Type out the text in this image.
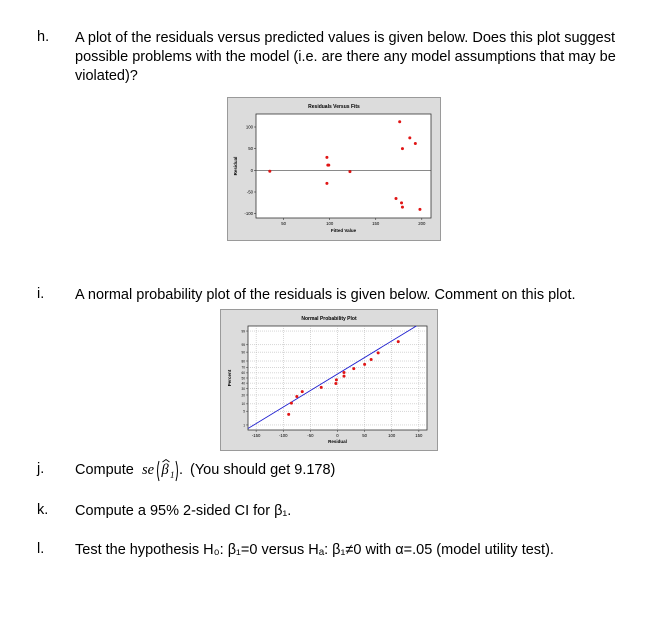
h. A plot of the residuals versus predicted values is given below. Does this plot suggest
possible problems with the model (i.e. are there any model assumptions that may be
violated)?
Residuals Versus Fits
Fitted Value
Residual
100
50
0
-50
-100
50	100	150	200
i. A normal probability plot of the residuals is given below. Comment on this plot.
99
95
90
80
70
60
50
40
30
20
10
5
1
-150	-100	-50	0	50	100	150
Normal Probability Plot
Residual
Percent
j. Compute se β 1 . (You should get 9.178)
k. Compute a 95% 2-sided CI for β₁.
l. Test the hypothesis H₀: β₁=0 versus Hₐ: β₁≠0 with α=.05 (model utility test).
